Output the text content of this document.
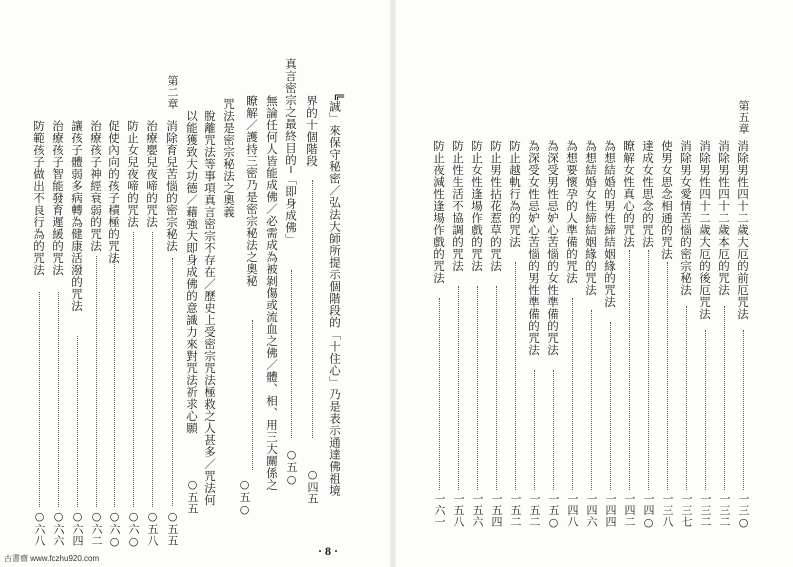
╚誠」來保守秘密／弘法大師所提示個階段的「十住心」乃是表示通達佛祖境
界的十個階段
○四五
真言密宗之最終目的─「即身成佛」
○五○
無論任何人皆能成佛／必需成為被剝傷或流血之佛／體、相、用三大關係之
瞭解／護持三密乃是密宗秘法之奧秘
○五○
咒法是密宗秘法之奧義
脫離咒法等事項真言密宗不存在／歷史上受密宗咒法極救之人甚多／咒法何
以能獲致大功德／藉強大即身成佛的意識力來對咒法祈求心願
○五五
第二章
消除育兒苦惱的密宗秘法
○五五
治療嬰兒夜啼的咒法
○五八
防止女兒夜啼的咒法
○六○
促使內向的孩子積極的咒法
○六○
治療孩子神經衰弱的咒法
○六二
讓孩子體弱多病轉為健康活潑的咒法
○六四
治療孩子智能發育遲緩的咒法
○六六
防範孩子做出不良行為的咒法
○六八
· 8 ·
第五章
消除男性四十二歲大厄的前厄咒法
一三○
消除男性四十二歲本厄的咒法
一三二
消除男性四十二歲大厄的後厄咒法
一三二
消除男女愛情苦惱的密宗秘法
一三七
使男女思念相通的咒法
一三八
達成女性思念的咒法
一四○
瞭解女性真心的咒法
一四二
為想結婚的男性締結姻緣的咒法
一四四
為想結婚女性締結姻緣的咒法
一四六
為想要懷孕的人準備的咒法
一四八
為深受男性忌妒心苦惱的女性準備的咒法
一五○
為深受女性忌妒心苦惱的男性準備的咒法
一五二
防止越軌行為的咒法
一五二
防止男性拈花惹草的咒法
一五四
防止女性逢場作戲的咒法
一五六
防止性生活不協調的咒法
一五八
防止夜減性逢場作戲的咒法
一六一
古書齋 www.fczhu920.com
